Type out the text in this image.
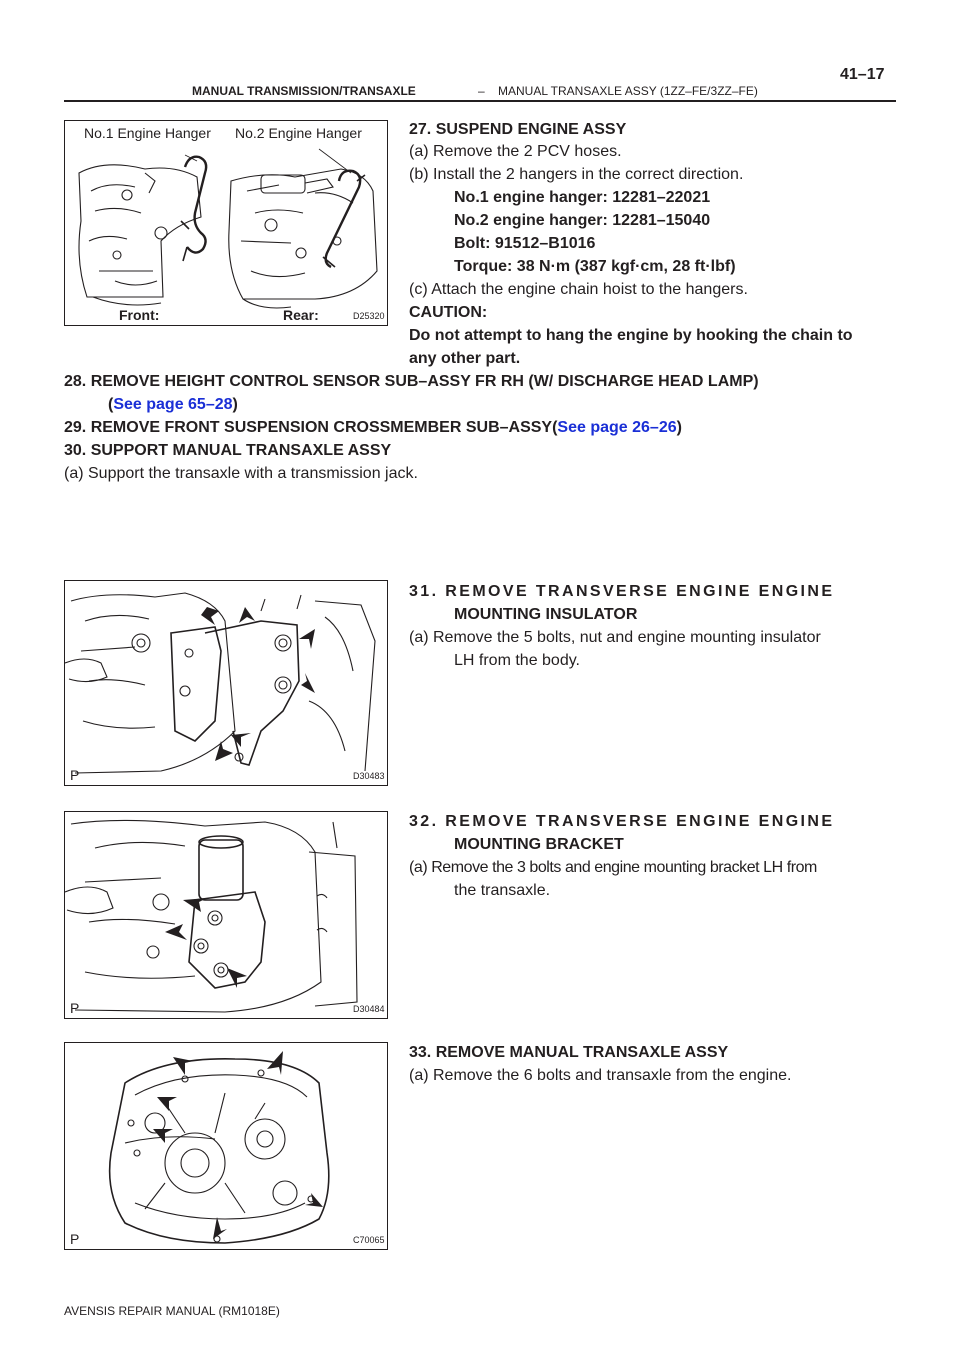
MANUAL TRANSMISSION/TRANSAXLE	– MANUAL TRANSAXLE ASSY (1ZZ–FE/3ZZ–FE)
41–17
No.1 Engine Hanger No.2 Engine Hanger
Front:	Rear:	D25320
P	D30483
P	D30484
P	C70065
27. SUSPEND ENGINE ASSY
(a) Remove the 2 PCV hoses.
(b) Install the 2 hangers in the correct direction.
No.1 engine hanger: 12281–22021
No.2 engine hanger: 12281–15040
Bolt: 91512–B1016
Torque: 38 N·m (387 kgf·cm, 28 ft·lbf)
(c) Attach the engine chain hoist to the hangers.
CAUTION:
Do not attempt to hang the engine by hooking the chain to
any other part.
28. REMOVE HEIGHT CONTROL SENSOR SUB–ASSY FR RH (W/ DISCHARGE HEAD LAMP)
(See page 65–28)
29. REMOVE FRONT SUSPENSION CROSSMEMBER SUB–ASSY(See page 26–26)
30. SUPPORT MANUAL TRANSAXLE ASSY
(a) Support the transaxle with a transmission jack.
31. REMOVE TRANSVERSE ENGINE ENGINE
MOUNTING INSULATOR
(a) Remove the 5 bolts, nut and engine mounting insulator
LH from the body.
32. REMOVE TRANSVERSE ENGINE ENGINE
MOUNTING BRACKET
(a) Remove the 3 bolts and engine mounting bracket LH from
the transaxle.
33. REMOVE MANUAL TRANSAXLE ASSY
(a) Remove the 6 bolts and transaxle from the engine.
AVENSIS REPAIR MANUAL (RM1018E)
